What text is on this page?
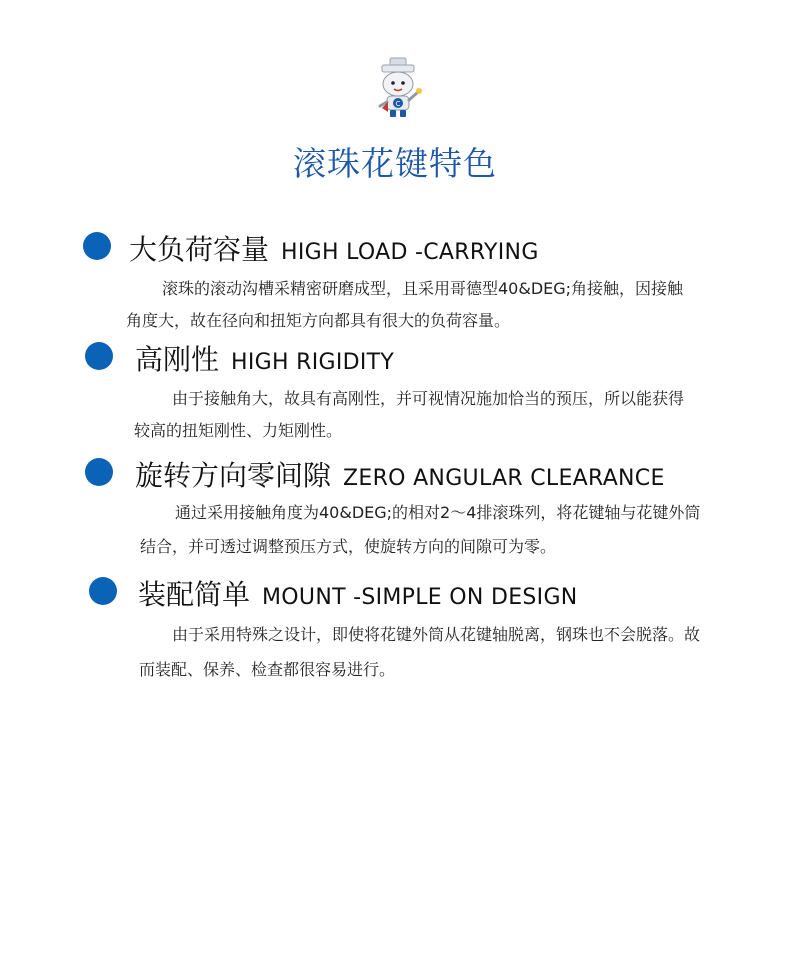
C
滚珠花键特色
大负荷容量 HIGH LOAD -CARRYING

滚珠的滚动沟槽采精密研磨成型，且采用哥德型40&DEG;角接触，因接触

角度大，故在径向和扭矩方向都具有很大的负荷容量。

高刚性 HIGH RIGIDITY

由于接触角大，故具有高刚性，并可视情况施加恰当的预压，所以能获得

较高的扭矩刚性、力矩刚性。

旋转方向零间隙 ZERO ANGULAR CLEARANCE

通过采用接触角度为40&DEG;的相对2～4排滚珠列，将花键轴与花键外筒

结合，并可透过调整预压方式，使旋转方向的间隙可为零。

装配简单 MOUNT -SIMPLE ON DESIGN

由于采用特殊之设计，即使将花键外筒从花键轴脱离，钢珠也不会脱落。故

而装配、保养、检查都很容易进行。
